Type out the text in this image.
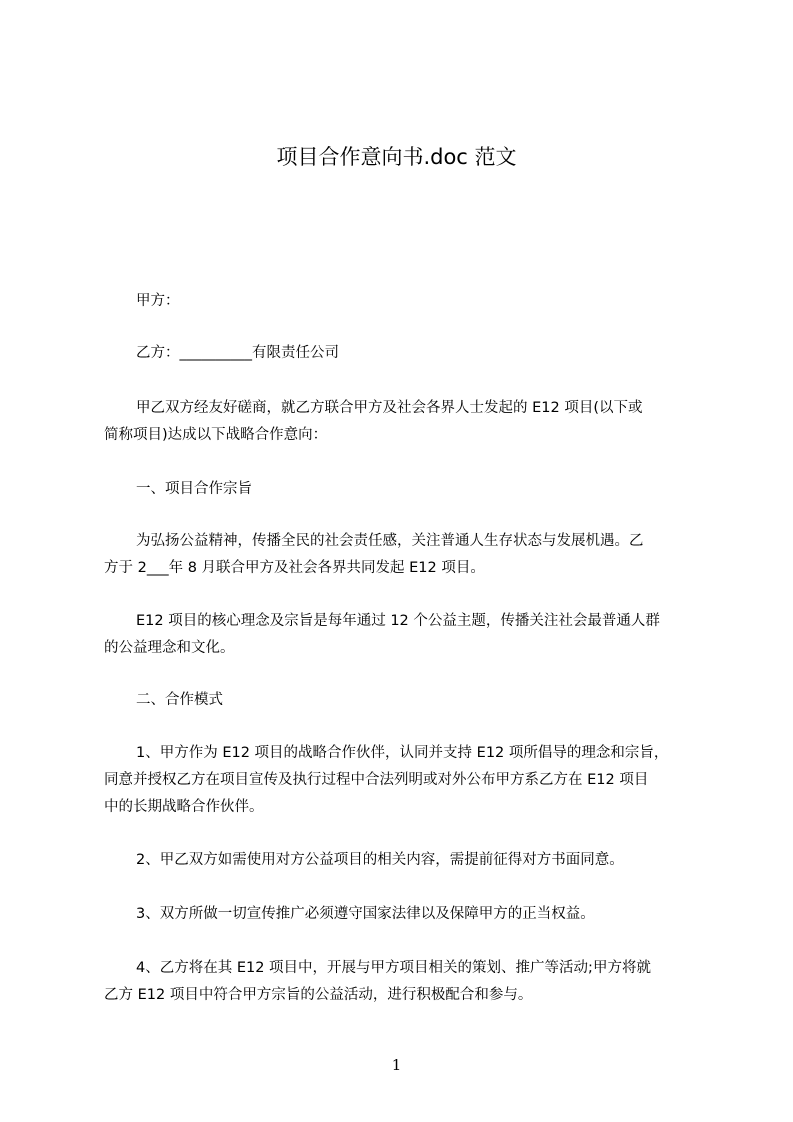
项目合作意向书.doc 范文
甲方：
乙方：__________有限责任公司
甲乙双方经友好磋商，就乙方联合甲方及社会各界人士发起的 E12 项目(以下或
简称项目)达成以下战略合作意向：
一、项目合作宗旨
为弘扬公益精神，传播全民的社会责任感，关注普通人生存状态与发展机遇。乙
方于 2___年 8 月联合甲方及社会各界共同发起 E12 项目。
E12 项目的核心理念及宗旨是每年通过 12 个公益主题，传播关注社会最普通人群
的公益理念和文化。
二、合作模式
1、甲方作为 E12 项目的战略合作伙伴，认同并支持 E12 项所倡导的理念和宗旨，
同意并授权乙方在项目宣传及执行过程中合法列明或对外公布甲方系乙方在 E12 项目
中的长期战略合作伙伴。
2、甲乙双方如需使用对方公益项目的相关内容，需提前征得对方书面同意。
3、双方所做一切宣传推广必须遵守国家法律以及保障甲方的正当权益。
4、乙方将在其 E12 项目中，开展与甲方项目相关的策划、推广等活动;甲方将就
乙方 E12 项目中符合甲方宗旨的公益活动，进行积极配合和参与。
1
